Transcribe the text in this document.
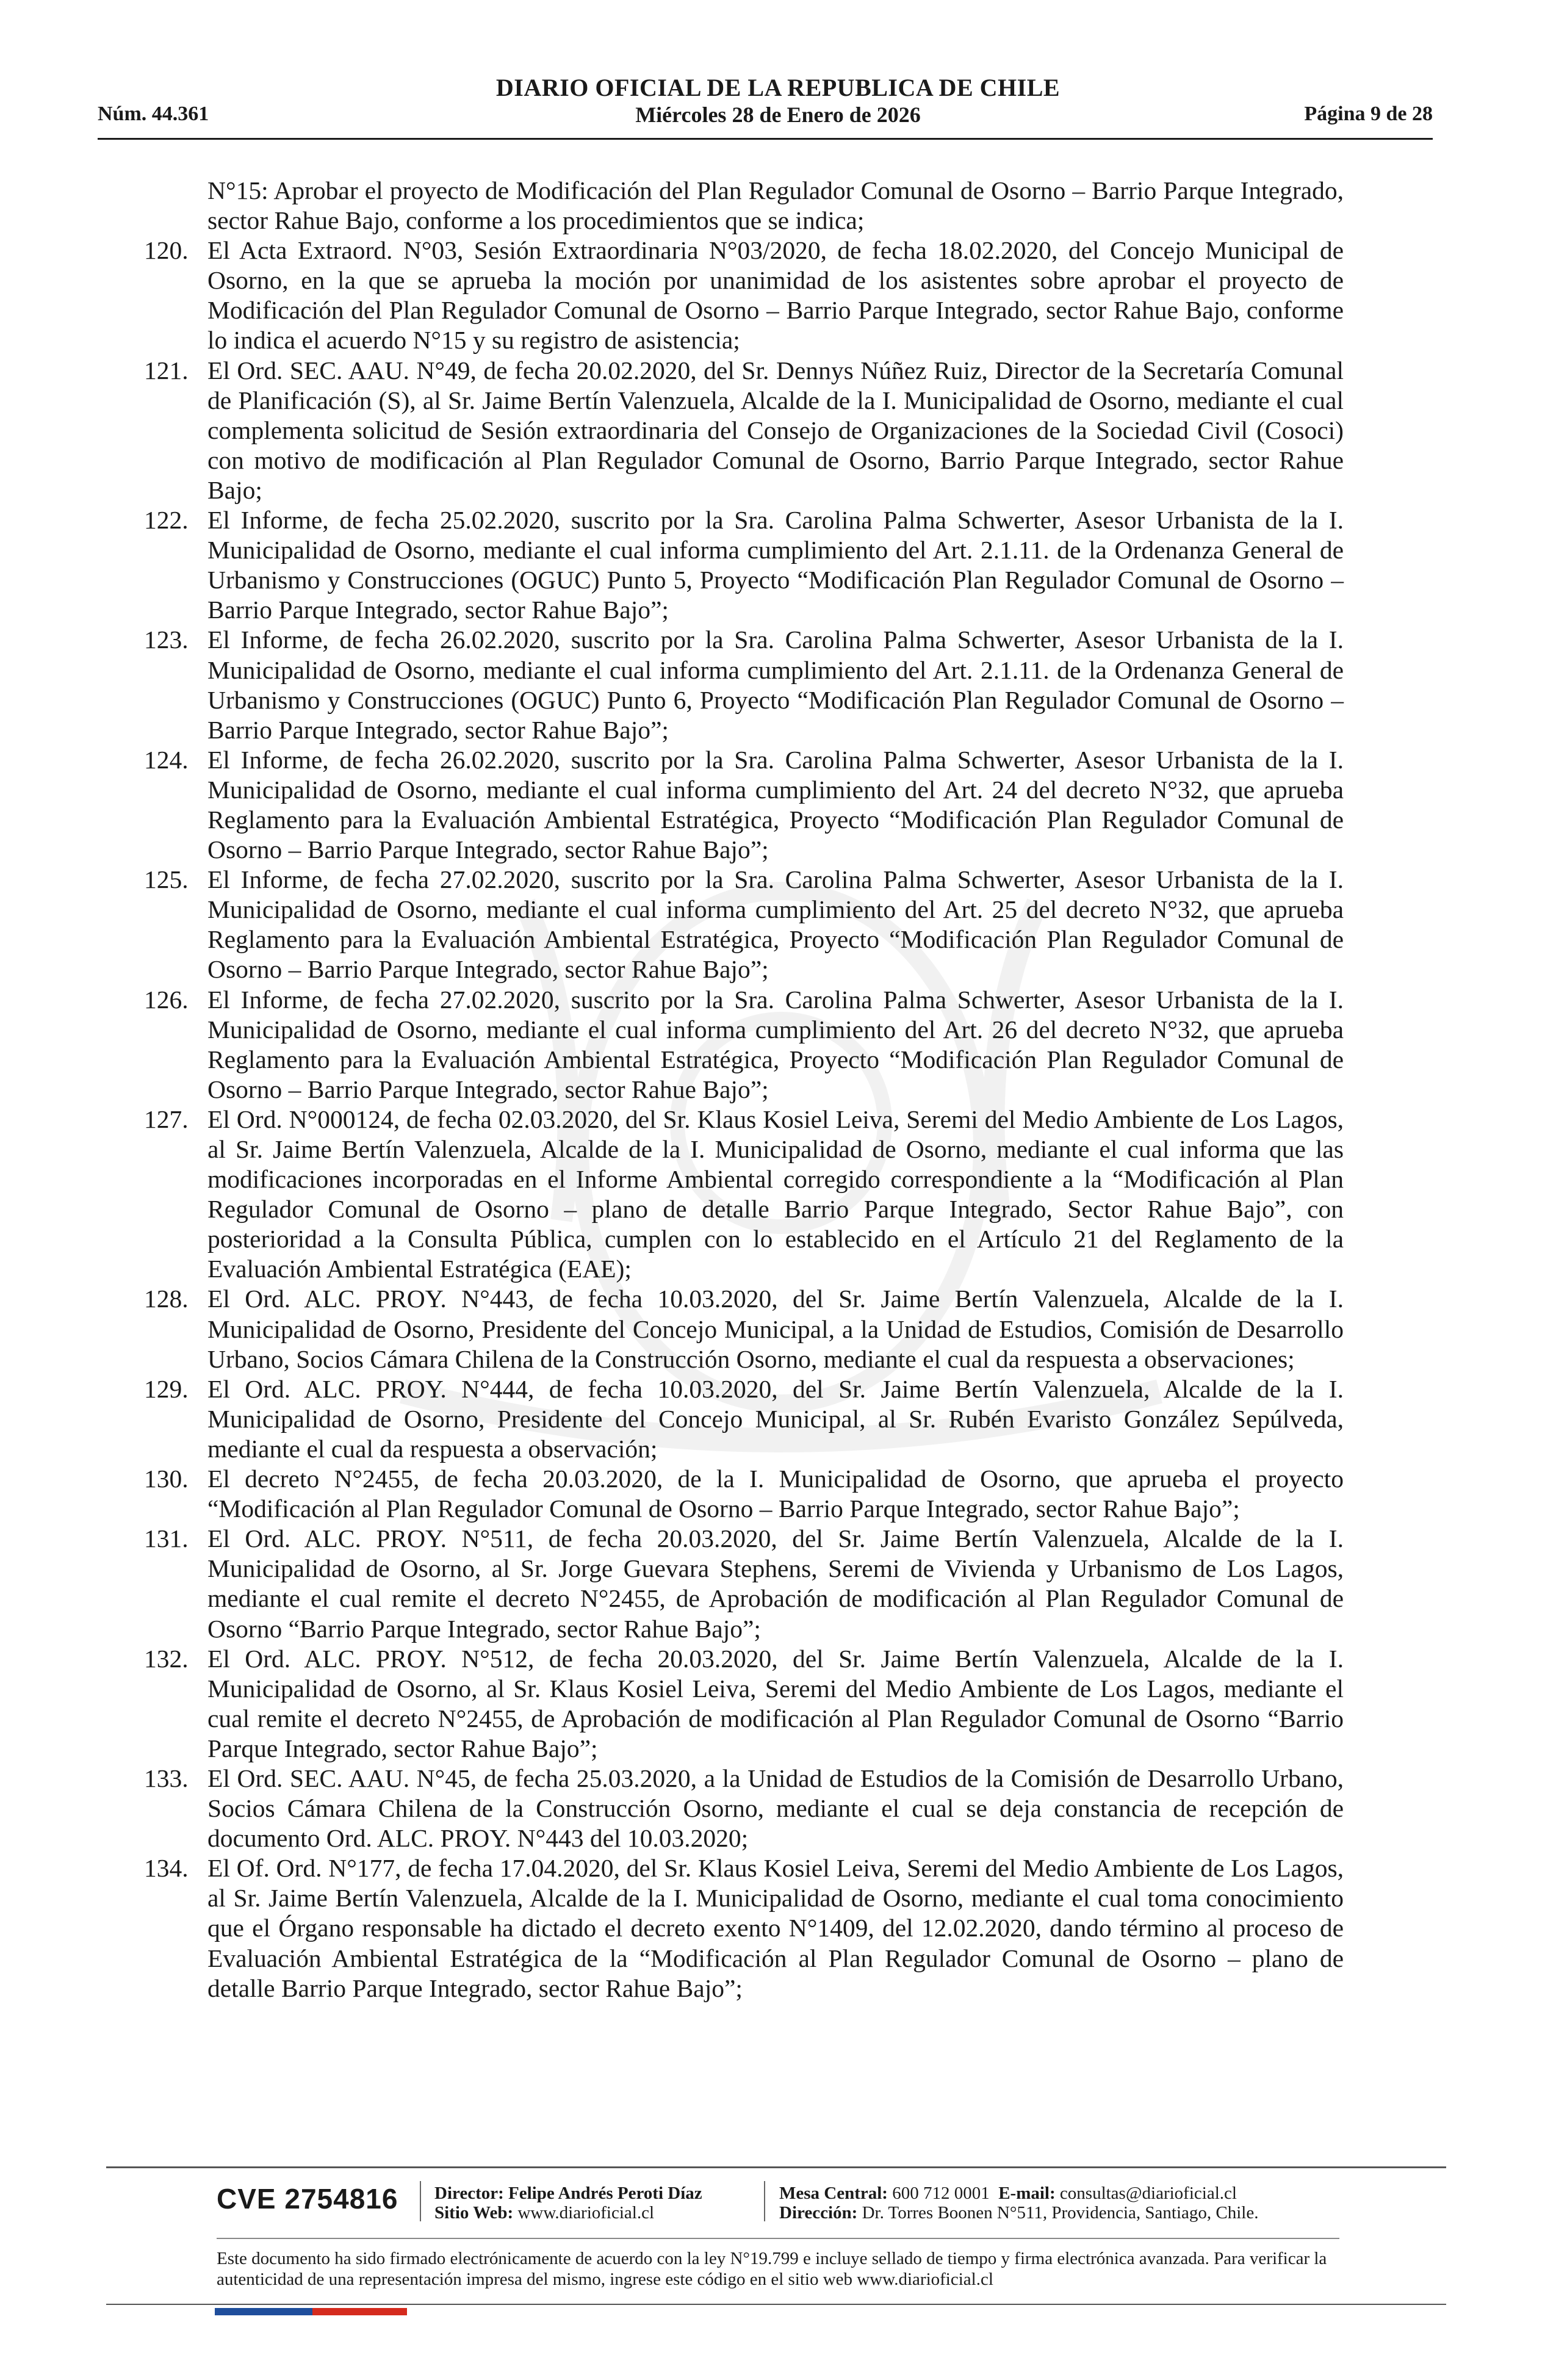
Núm. 44.361
DIARIO OFICIAL DE LA REPUBLICA DE CHILE
Miércoles 28 de Enero de 2026	Página 9 de 28
N°15: Aprobar el proyecto de Modificación del Plan Regulador Comunal de Osorno – Barrio Parque Integrado, sector Rahue Bajo, conforme a los procedimientos que se indica;
120. El Acta Extraord. N°03, Sesión Extraordinaria N°03/2020, de fecha 18.02.2020, del Concejo Municipal de Osorno, en la que se aprueba la moción por unanimidad de los asistentes sobre aprobar el proyecto de Modificación del Plan Regulador Comunal de Osorno – Barrio Parque Integrado, sector Rahue Bajo, conforme lo indica el acuerdo N°15 y su registro de asistencia;
121. El Ord. SEC. AAU. N°49, de fecha 20.02.2020, del Sr. Dennys Núñez Ruiz, Director de la Secretaría Comunal de Planificación (S), al Sr. Jaime Bertín Valenzuela, Alcalde de la I. Municipalidad de Osorno, mediante el cual complementa solicitud de Sesión extraordinaria del Consejo de Organizaciones de la Sociedad Civil (Cosoci) con motivo de modificación al Plan Regulador Comunal de Osorno, Barrio Parque Integrado, sector Rahue Bajo;
122. El Informe, de fecha 25.02.2020, suscrito por la Sra. Carolina Palma Schwerter, Asesor Urbanista de la I. Municipalidad de Osorno, mediante el cual informa cumplimiento del Art. 2.1.11. de la Ordenanza General de Urbanismo y Construcciones (OGUC) Punto 5, Proyecto “Modificación Plan Regulador Comunal de Osorno – Barrio Parque Integrado, sector Rahue Bajo”;
123. El Informe, de fecha 26.02.2020, suscrito por la Sra. Carolina Palma Schwerter, Asesor Urbanista de la I. Municipalidad de Osorno, mediante el cual informa cumplimiento del Art. 2.1.11. de la Ordenanza General de Urbanismo y Construcciones (OGUC) Punto 6, Proyecto “Modificación Plan Regulador Comunal de Osorno – Barrio Parque Integrado, sector Rahue Bajo”;
124. El Informe, de fecha 26.02.2020, suscrito por la Sra. Carolina Palma Schwerter, Asesor Urbanista de la I. Municipalidad de Osorno, mediante el cual informa cumplimiento del Art. 24 del decreto N°32, que aprueba Reglamento para la Evaluación Ambiental Estratégica, Proyecto “Modificación Plan Regulador Comunal de Osorno – Barrio Parque Integrado, sector Rahue Bajo”;
125. El Informe, de fecha 27.02.2020, suscrito por la Sra. Carolina Palma Schwerter, Asesor Urbanista de la I. Municipalidad de Osorno, mediante el cual informa cumplimiento del Art. 25 del decreto N°32, que aprueba Reglamento para la Evaluación Ambiental Estratégica, Proyecto “Modificación Plan Regulador Comunal de Osorno – Barrio Parque Integrado, sector Rahue Bajo”;
126. El Informe, de fecha 27.02.2020, suscrito por la Sra. Carolina Palma Schwerter, Asesor Urbanista de la I. Municipalidad de Osorno, mediante el cual informa cumplimiento del Art. 26 del decreto N°32, que aprueba Reglamento para la Evaluación Ambiental Estratégica, Proyecto “Modificación Plan Regulador Comunal de Osorno – Barrio Parque Integrado, sector Rahue Bajo”;
127. El Ord. N°000124, de fecha 02.03.2020, del Sr. Klaus Kosiel Leiva, Seremi del Medio Ambiente de Los Lagos, al Sr. Jaime Bertín Valenzuela, Alcalde de la I. Municipalidad de Osorno, mediante el cual informa que las modificaciones incorporadas en el Informe Ambiental corregido correspondiente a la “Modificación al Plan Regulador Comunal de Osorno – plano de detalle Barrio Parque Integrado, Sector Rahue Bajo”, con posterioridad a la Consulta Pública, cumplen con lo establecido en el Artículo 21 del Reglamento de la Evaluación Ambiental Estratégica (EAE);
128. El Ord. ALC. PROY. N°443, de fecha 10.03.2020, del Sr. Jaime Bertín Valenzuela, Alcalde de la I. Municipalidad de Osorno, Presidente del Concejo Municipal, a la Unidad de Estudios, Comisión de Desarrollo Urbano, Socios Cámara Chilena de la Construcción Osorno, mediante el cual da respuesta a observaciones;
129. El Ord. ALC. PROY. N°444, de fecha 10.03.2020, del Sr. Jaime Bertín Valenzuela, Alcalde de la I. Municipalidad de Osorno, Presidente del Concejo Municipal, al Sr. Rubén Evaristo González Sepúlveda, mediante el cual da respuesta a observación;
130. El decreto N°2455, de fecha 20.03.2020, de la I. Municipalidad de Osorno, que aprueba el proyecto “Modificación al Plan Regulador Comunal de Osorno – Barrio Parque Integrado, sector Rahue Bajo”;
131. El Ord. ALC. PROY. N°511, de fecha 20.03.2020, del Sr. Jaime Bertín Valenzuela, Alcalde de la I. Municipalidad de Osorno, al Sr. Jorge Guevara Stephens, Seremi de Vivienda y Urbanismo de Los Lagos, mediante el cual remite el decreto N°2455, de Aprobación de modificación al Plan Regulador Comunal de Osorno “Barrio Parque Integrado, sector Rahue Bajo”;
132. El Ord. ALC. PROY. N°512, de fecha 20.03.2020, del Sr. Jaime Bertín Valenzuela, Alcalde de la I. Municipalidad de Osorno, al Sr. Klaus Kosiel Leiva, Seremi del Medio Ambiente de Los Lagos, mediante el cual remite el decreto N°2455, de Aprobación de modificación al Plan Regulador Comunal de Osorno “Barrio Parque Integrado, sector Rahue Bajo”;
133. El Ord. SEC. AAU. N°45, de fecha 25.03.2020, a la Unidad de Estudios de la Comisión de Desarrollo Urbano, Socios Cámara Chilena de la Construcción Osorno, mediante el cual se deja constancia de recepción de documento Ord. ALC. PROY. N°443 del 10.03.2020;
134. El Of. Ord. N°177, de fecha 17.04.2020, del Sr. Klaus Kosiel Leiva, Seremi del Medio Ambiente de Los Lagos, al Sr. Jaime Bertín Valenzuela, Alcalde de la I. Municipalidad de Osorno, mediante el cual toma conocimiento que el Órgano responsable ha dictado el decreto exento N°1409, del 12.02.2020, dando término al proceso de Evaluación Ambiental Estratégica de la “Modificación al Plan Regulador Comunal de Osorno – plano de detalle Barrio Parque Integrado, sector Rahue Bajo”;
CVE 2754816 Director: Felipe Andrés Peroti Díaz
Sitio Web: www.diarioficial.cl
Mesa Central: 600 712 0001 E-mail: consultas@diarioficial.cl
Dirección: Dr. Torres Boonen N°511, Providencia, Santiago, Chile.
Este documento ha sido firmado electrónicamente de acuerdo con la ley N°19.799 e incluye sellado de tiempo y firma electrónica avanzada. Para verificar la autenticidad de una representación impresa del mismo, ingrese este código en el sitio web www.diarioficial.cl
